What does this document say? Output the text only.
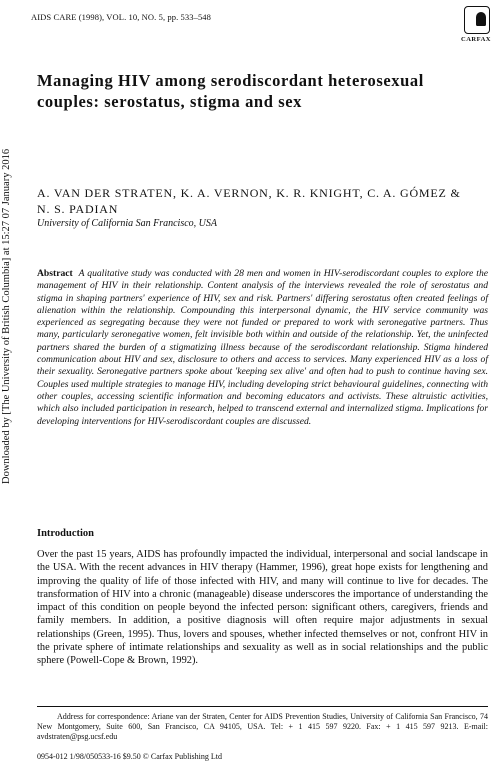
AIDS CARE (1998), VOL. 10, NO. 5, pp. 533–548
CARFAX
Downloaded by [The University of British Columbia] at 15:27 07 January 2016
Managing HIV among serodiscordant heterosexual couples: serostatus, stigma and sex
A. VAN DER STRATEN, K. A. VERNON, K. R. KNIGHT, C. A. GÓMEZ & N. S. PADIAN
University of California San Francisco, USA

Abstract A qualitative study was conducted with 28 men and women in HIV-serodiscordant couples to explore the management of HIV in their relationship. Content analysis of the interviews revealed the role of serostatus and stigma in shaping partners' experience of HIV, sex and risk. Partners' differing serostatus often created feelings of alienation within the relationship. Compounding this interpersonal dynamic, the HIV service community was experienced as segregating because they were not funded or prepared to work with seronegative partners. Thus many, particularly seronegative women, felt invisible both within and outside of the relationship. Yet, the uninfected partners shared the burden of a stigmatizing illness because of the serodiscordant relationship. Stigma hindered communication about HIV and sex, disclosure to others and access to services. Many experienced HIV as a loss of their sexuality. Seronegative partners spoke about 'keeping sex alive' and often had to push to continue having sex. Couples used multiple strategies to manage HIV, including developing strict behavioural guidelines, connecting with other couples, accessing scientific information and becoming educators and activists. These altruistic activities, which also included participation in research, helped to transcend external and internalized stigma. Implications for developing interventions for HIV-serodiscordant couples are discussed.

Introduction

Over the past 15 years, AIDS has profoundly impacted the individual, interpersonal and social landscape in the USA. With the recent advances in HIV therapy (Hammer, 1996), great hope exists for lengthening and improving the quality of life of those infected with HIV, and many will continue to live for decades. The transformation of HIV into a chronic (manageable) disease underscores the importance of understanding the impact of this condition on people beyond the infected person: significant others, caregivers, friends and family members. In addition, a positive diagnosis will often require major adjustments in sexual relationships (Green, 1995). Thus, lovers and spouses, whether infected themselves or not, confront HIV in the private sphere of intimate relationships and sexuality as well as in social relationships and the public sphere (Powell-Cope & Brown, 1992).

Address for correspondence: Ariane van der Straten, Center for AIDS Prevention Studies, University of California San Francisco, 74 New Montgomery, Suite 600, San Francisco, CA 94105, USA. Tel: + 1 415 597 9220. Fax: + 1 415 597 9213. E-mail: avdstraten@psg.ucsf.edu

0954-012 1/98/050533-16 $9.50 © Carfax Publishing Ltd
